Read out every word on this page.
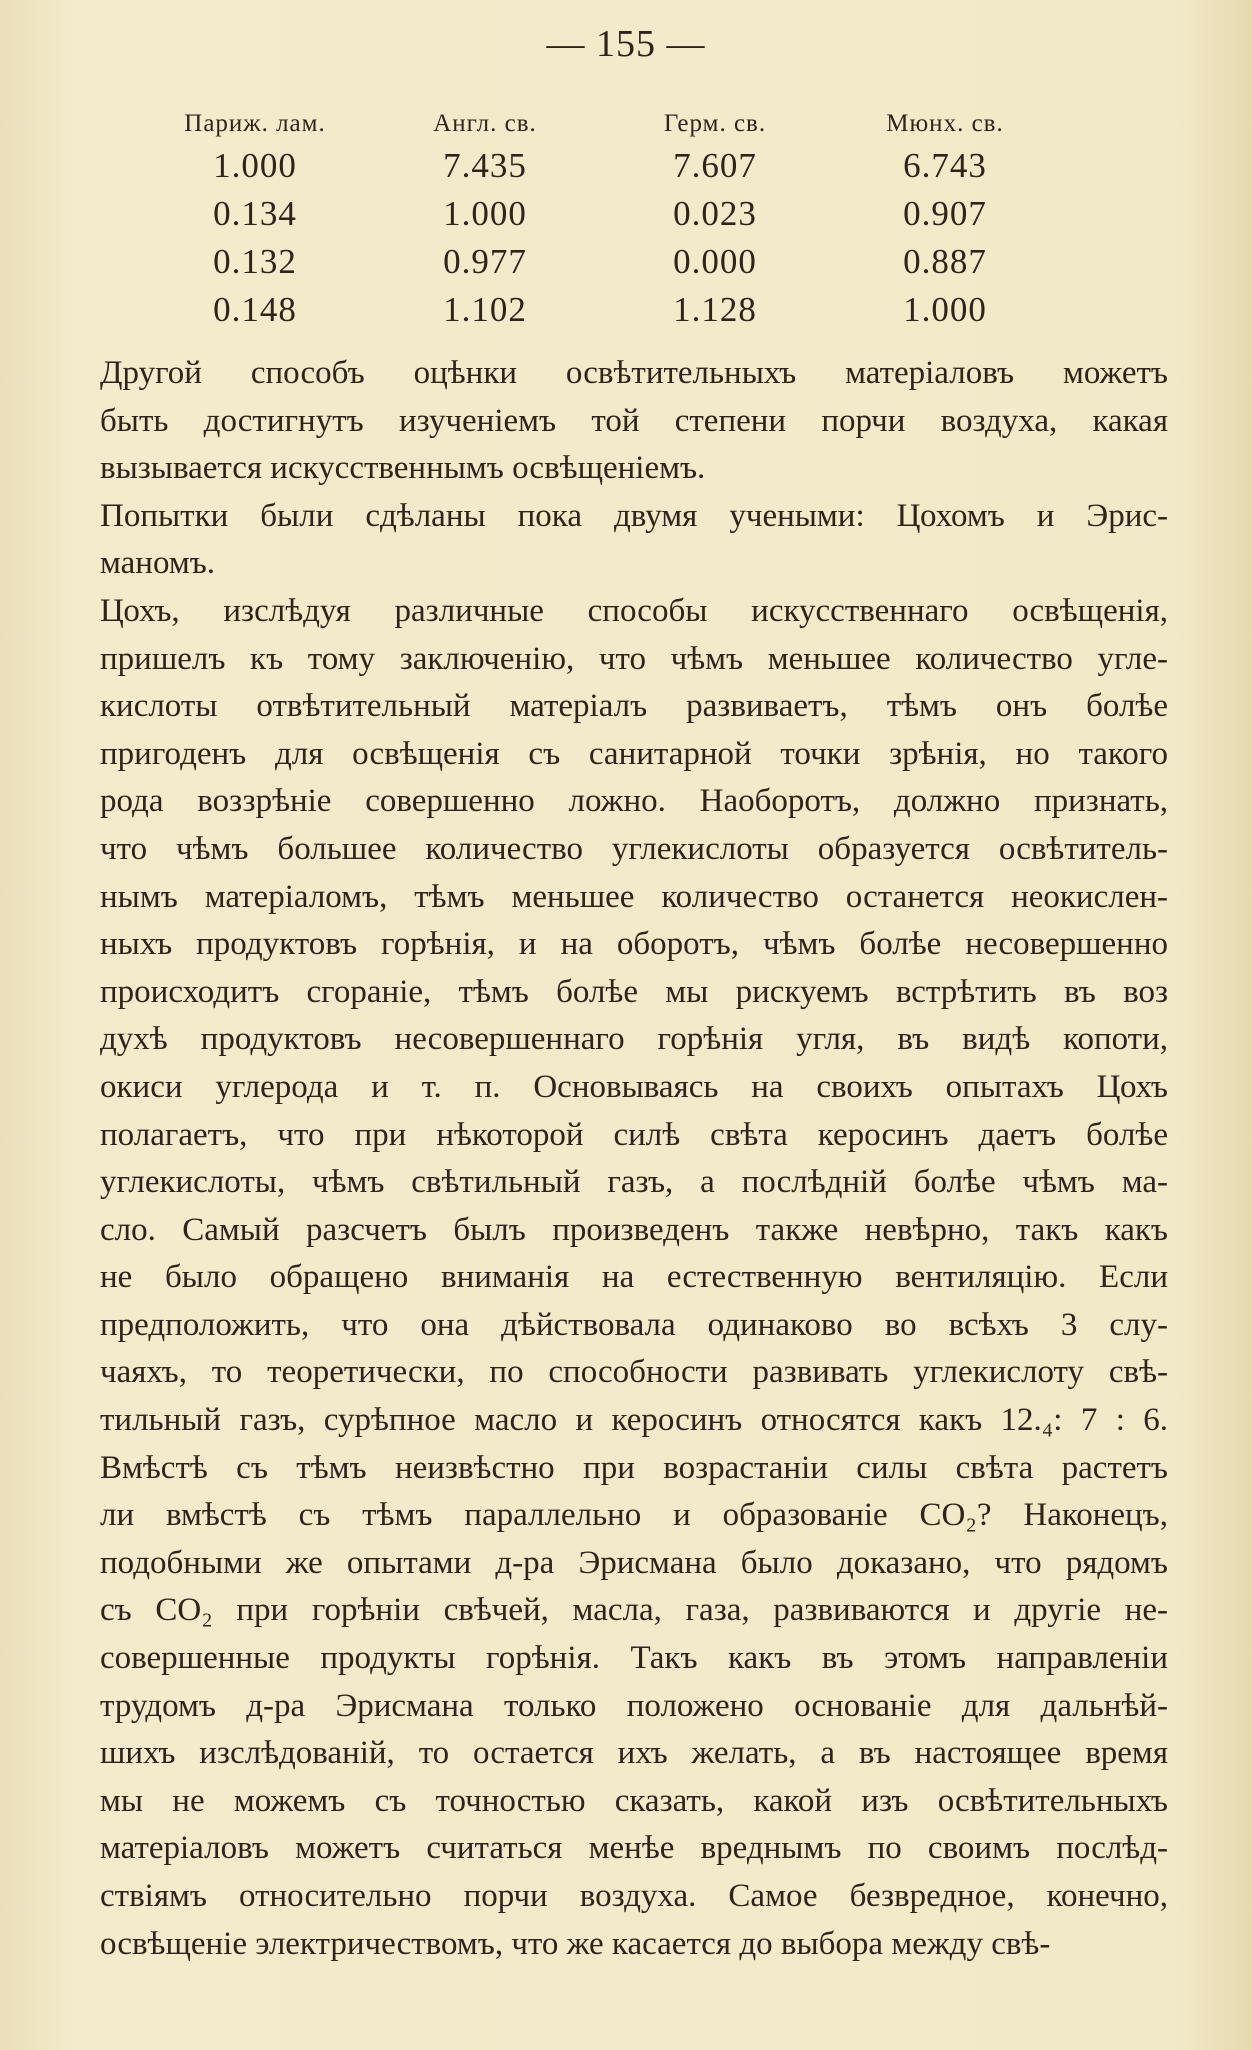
— 155 —
Париж. лам.	Англ. св.	Герм. св.	Мюнх. св.
1.000	7.435	7.607	6.743
0.134	1.000	0.023	0.907
0.132	0.977	0.000	0.887
0.148	1.102	1.128	1.000
Другой способъ оцѣнки освѣтительныхъ матеріаловъ можетъ
быть достигнутъ изученіемъ той степени порчи воздуха, какая
вызывается искусственнымъ освѣщеніемъ.
Попытки были сдѣланы пока двумя учеными: Цохомъ и Эрис-
маномъ.
Цохъ, изслѣдуя различные способы искусственнаго освѣщенія,
пришелъ къ тому заключенію, что чѣмъ меньшее количество угле-
кислоты отвѣтительный матеріалъ развиваетъ, тѣмъ онъ болѣе
пригоденъ для освѣщенія съ санитарной точки зрѣнія, но такого
рода воззрѣніе совершенно ложно. Наоборотъ, должно признать,
что чѣмъ большее количество углекислоты образуется освѣтитель-
нымъ матеріаломъ, тѣмъ меньшее количество останется неокислен-
ныхъ продуктовъ горѣнія, и на оборотъ, чѣмъ болѣе несовершенно
происходитъ сгораніе, тѣмъ болѣе мы рискуемъ встрѣтить въ воз
духѣ продуктовъ несовершеннаго горѣнія угля, въ видѣ копоти,
окиси углерода и т. п. Основываясь на своихъ опытахъ Цохъ
полагаетъ, что при нѣкоторой силѣ свѣта керосинъ даетъ болѣе
углекислоты, чѣмъ свѣтильный газъ, а послѣдній болѣе чѣмъ ма-
сло. Самый разсчетъ былъ произведенъ также невѣрно, такъ какъ
не было обращено вниманія на естественную вентиляцію. Если
предположить, что она дѣйствовала одинаково во всѣхъ 3 слу-
чаяхъ, то теоретически, по способности развивать углекислоту свѣ-
тильный газъ, сурѣпное масло и керосинъ относятся какъ 12.₄: 7 : 6.
Вмѣстѣ съ тѣмъ неизвѣстно при возрастаніи силы свѣта растетъ
ли вмѣстѣ съ тѣмъ параллельно и образованіе СО₂? Наконецъ,
подобными же опытами д-ра Эрисмана было доказано, что рядомъ
съ СО₂ при горѣніи свѣчей, масла, газа, развиваются и другіе не-
совершенные продукты горѣнія. Такъ какъ въ этомъ направленіи
трудомъ д-ра Эрисмана только положено основаніе для дальнѣй-
шихъ изслѣдованій, то остается ихъ желать, а въ настоящее время
мы не можемъ съ точностью сказать, какой изъ освѣтительныхъ
матеріаловъ можетъ считаться менѣе вреднымъ по своимъ послѣд-
ствіямъ относительно порчи воздуха. Самое безвредное, конечно,
освѣщеніе электричествомъ, что же касается до выбора между свѣ-
